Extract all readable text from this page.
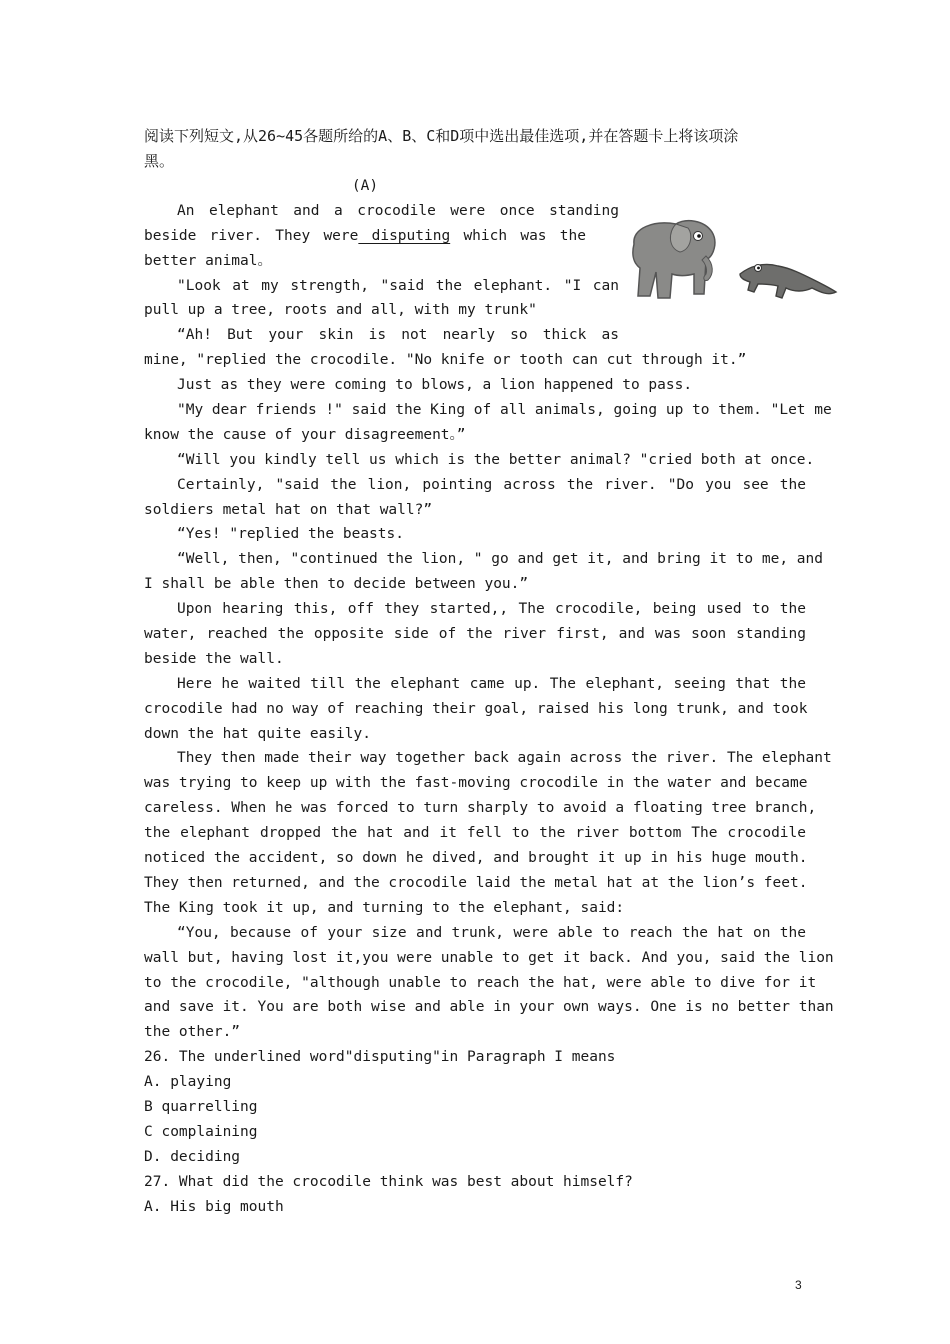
阅读下列短文,从26~45各题所给的A、B、C和D项中选出最佳选项,并在答题卡上将该项涂
黑。
(A)
An elephant and a crocodile were once standing
beside river. They were disputing which was the
better animal。
"Look at my strength, "said the elephant. "I can
pull up a tree, roots and all, with my trunk"
“Ah! But your skin is not nearly so thick as
mine, "replied the crocodile. "No knife or tooth can cut through it.”
Just as they were coming to blows, a lion happened to pass.
"My dear friends !" said the King of all animals, going up to them. "Let me
know the cause of your disagreement。”
“Will you kindly tell us which is the better animal? "cried both at once.
Certainly, "said the lion, pointing across the river. "Do you see the
soldiers metal hat on that wall?”
“Yes! "replied the beasts.
“Well, then, "continued the lion, " go and get it, and bring it to me, and
I shall be able then to decide between you.”
Upon hearing this, off they started,, The crocodile, being used to the
water, reached the opposite side of the river first, and was soon standing
beside the wall.
Here he waited till the elephant came up. The elephant, seeing that the
crocodile had no way of reaching their goal, raised his long trunk, and took
down the hat quite easily.
They then made their way together back again across the river. The elephant
was trying to keep up with the fast-moving crocodile in the water and became
careless. When he was forced to turn sharply to avoid a floating tree branch,
the elephant dropped the hat and it fell to the river bottom The crocodile
noticed the accident, so down he dived, and brought it up in his huge mouth.
They then returned, and the crocodile laid the metal hat at the lion’s feet.
The King took it up, and turning to the elephant, said:
“You, because of your size and trunk, were able to reach the hat on the
wall but, having lost it,you were unable to get it back. And you, said the lion
to the crocodile, "although unable to reach the hat, were able to dive for it
and save it. You are both wise and able in your own ways. One is no better than
the other.”
26. The underlined word"disputing"in Paragraph I means
A. playing
B quarrelling
C complaining
D. deciding
27. What did the crocodile think was best about himself?
A. His big mouth
3
